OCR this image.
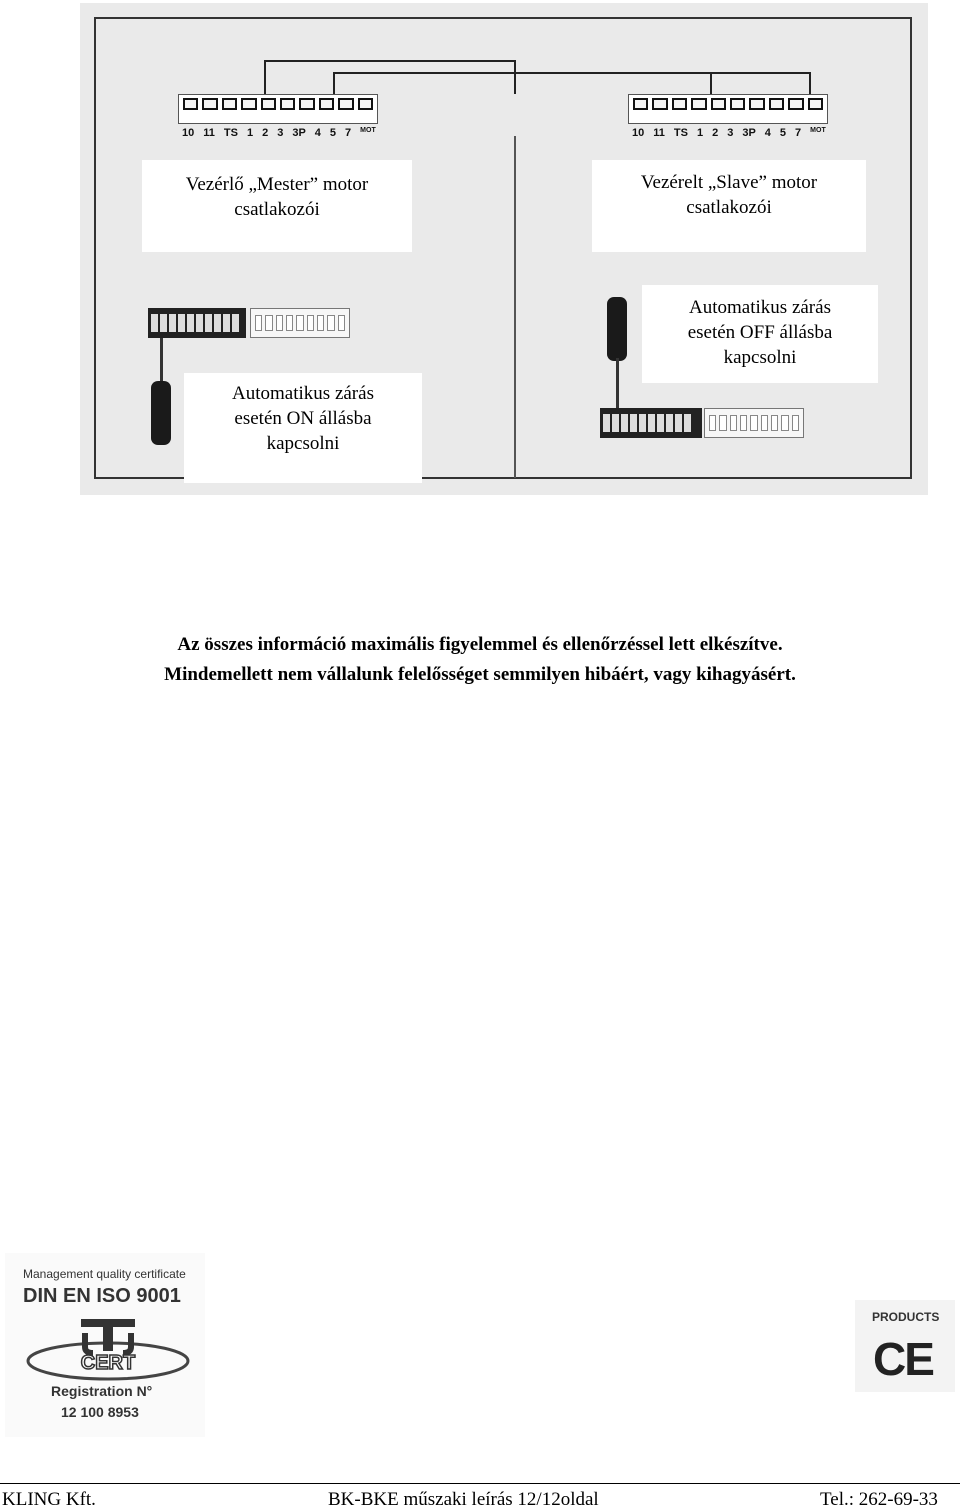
10 11 TS 1 2 3 3P 4 5 7 MOT	10 11 TS 1 2 3 3P 4 5 7 MOT
Vezérlő „Mester” motor
csatlakozói
Vezérelt „Slave” motor
csatlakozói
Automatikus zárás
esetén ON állásba
kapcsolni
Automatikus zárás
esetén OFF állásba
kapcsolni
Az összes információ maximális figyelemmel és ellenőrzéssel lett elkészítve.
Mindemellett nem vállalunk felelősséget semmilyen hibáért, vagy kihagyásért.
Management quality certificate
DIN EN ISO 9001
CERT
Registration N°
12 100 8953
PRODUCTS
CE
KLING Kft.	BK-BKE műszaki leírás 12/12oldal	Tel.: 262-69-33
